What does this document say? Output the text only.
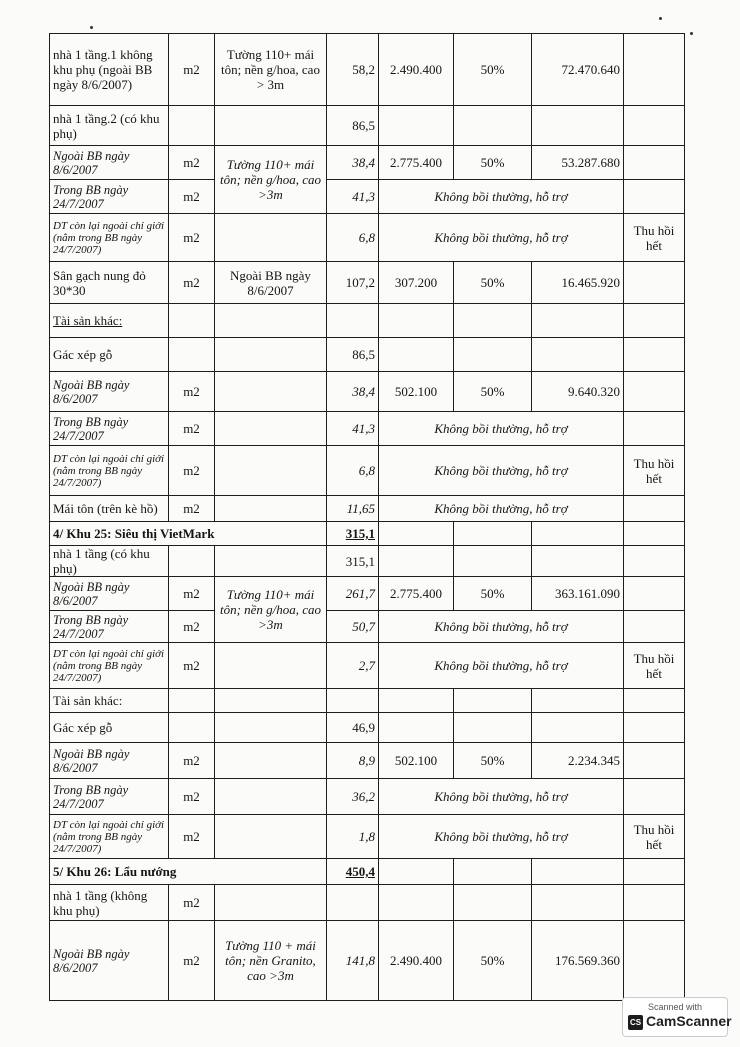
nhà 1 tầng.1 không khu phụ (ngoài BB ngày 8/6/2007)	m2	Tường 110+ mái tôn; nền g/hoa, cao > 3m	58,2	2.490.400	50%	72.470.640	
nhà 1 tầng.2 (có khu phụ)			86,5				
Ngoài BB ngày 8/6/2007	m2	Tường 110+ mái tôn; nền g/hoa, cao >3m	38,4	2.775.400	50%	53.287.680	
Trong BB ngày 24/7/2007	m2		41,3	Không bồi thường, hỗ trợ			
DT còn lại ngoài chỉ giới (nằm trong BB ngày 24/7/2007)	m2		6,8	Không bồi thường, hỗ trợ			Thu hồi hết
Sân gạch nung đỏ 30*30	m2	Ngoài BB ngày 8/6/2007	107,2	307.200	50%	16.465.920	
Tài sản khác:							
Gác xép gỗ			86,5				
Ngoài BB ngày 8/6/2007	m2		38,4	502.100	50%	9.640.320	
Trong BB ngày 24/7/2007	m2		41,3	Không bồi thường, hỗ trợ			
DT còn lại ngoài chỉ giới (nằm trong BB ngày 24/7/2007)	m2		6,8	Không bồi thường, hỗ trợ			Thu hồi hết
Mái tôn (trên kè hồ)	m2		11,65	Không bồi thường, hỗ trợ			
4/ Khu 25: Siêu thị VietMark			315,1				
nhà 1 tầng (có khu phụ)			315,1				
Ngoài BB ngày 8/6/2007	m2	Tường 110+ mái tôn; nền g/hoa, cao >3m	261,7	2.775.400	50%	363.161.090	
Trong BB ngày 24/7/2007	m2		50,7	Không bồi thường, hỗ trợ			
DT còn lại ngoài chỉ giới (nằm trong BB ngày 24/7/2007)	m2		2,7	Không bồi thường, hỗ trợ			Thu hồi hết
Tài sản khác:							
Gác xép gỗ			46,9				
Ngoài BB ngày 8/6/2007	m2		8,9	502.100	50%	2.234.345	
Trong BB ngày 24/7/2007	m2		36,2	Không bồi thường, hỗ trợ			
DT còn lại ngoài chỉ giới (nằm trong BB ngày 24/7/2007)	m2		1,8	Không bồi thường, hỗ trợ			Thu hồi hết
5/ Khu 26: Lẩu nướng			450,4				
nhà 1 tầng (không khu phụ)	m2						
Ngoài BB ngày 8/6/2007	m2	Tường 110 + mái tôn; nền Granito, cao >3m	141,8	2.490.400	50%	176.569.360	
Scanned with
CS CamScanner
